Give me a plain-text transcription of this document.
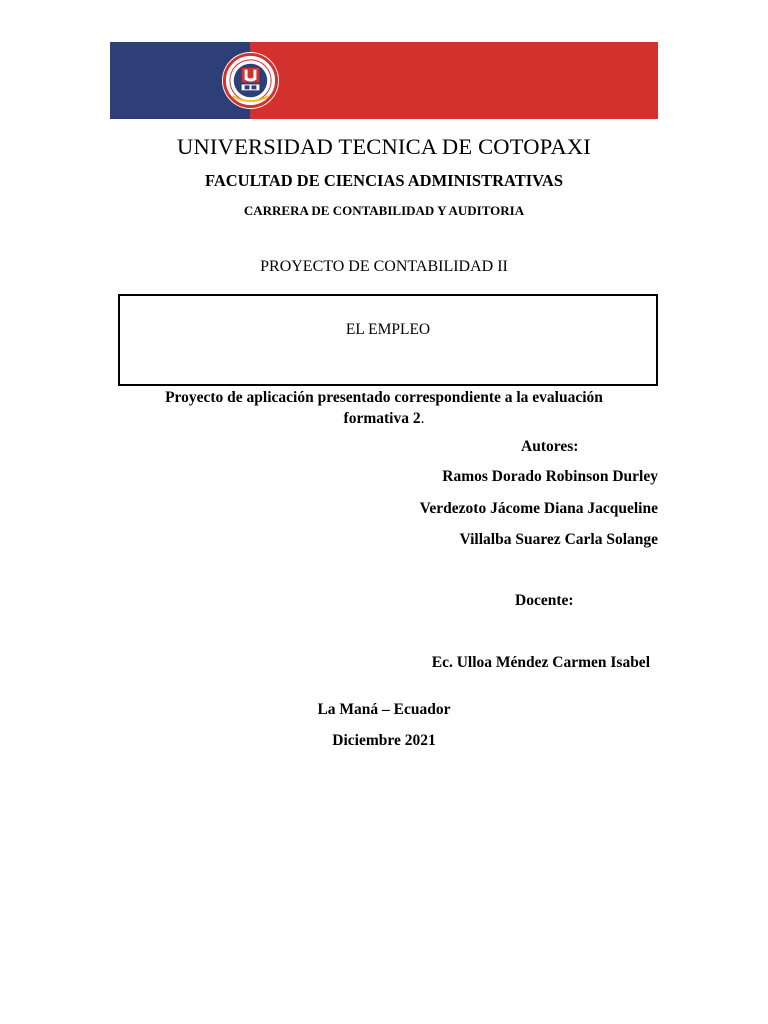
UNIVERSIDAD TECNICA DE COTOPAXI
FACULTAD DE CIENCIAS ADMINISTRATIVAS
CARRERA DE CONTABILIDAD Y AUDITORIA
PROYECTO DE CONTABILIDAD II
EL EMPLEO
Proyecto de aplicación presentado correspondiente a la evaluación
formativa 2.
Autores:
Ramos Dorado Robinson Durley
Verdezoto Jácome Diana Jacqueline
Villalba Suarez Carla Solange
Docente:
Ec. Ulloa Méndez Carmen Isabel
La Maná – Ecuador
Diciembre 2021
